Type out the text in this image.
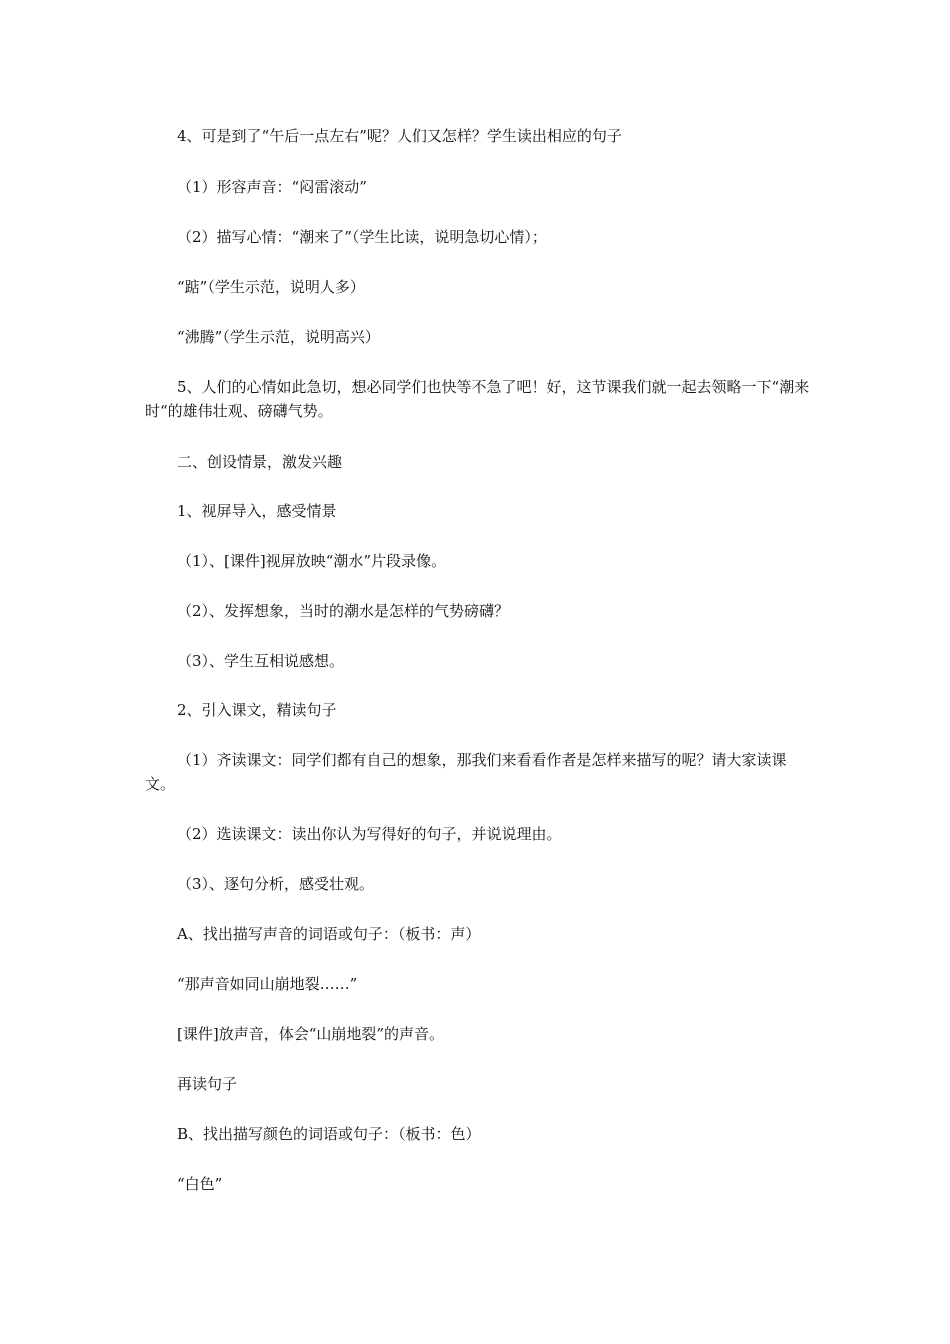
4、可是到了“午后一点左右”呢？人们又怎样？学生读出相应的句子

（1）形容声音：“闷雷滚动”

（2）描写心情：“潮来了”（学生比读，说明急切心情）；

“踮”（学生示范，说明人多）

“沸腾”（学生示范，说明高兴）

5、人们的心情如此急切，想必同学们也快等不急了吧！好，这节课我们就一起去领略一下“潮来时“的雄伟壮观、磅礴气势。

二、创设情景，激发兴趣

1、视屏导入，感受情景

（1）、[课件]视屏放映“潮水”片段录像。

（2）、发挥想象，当时的潮水是怎样的气势磅礴？

（3）、学生互相说感想。

2、引入课文，精读句子

（1）齐读课文：同学们都有自己的想象，那我们来看看作者是怎样来描写的呢？请大家读课文。

（2）选读课文：读出你认为写得好的句子，并说说理由。

（3）、逐句分析，感受壮观。

A、找出描写声音的词语或句子：（板书：声）

“那声音如同山崩地裂……”

[课件]放声音，体会“山崩地裂”的声音。

再读句子

B、找出描写颜色的词语或句子：（板书：色）

“白色”
